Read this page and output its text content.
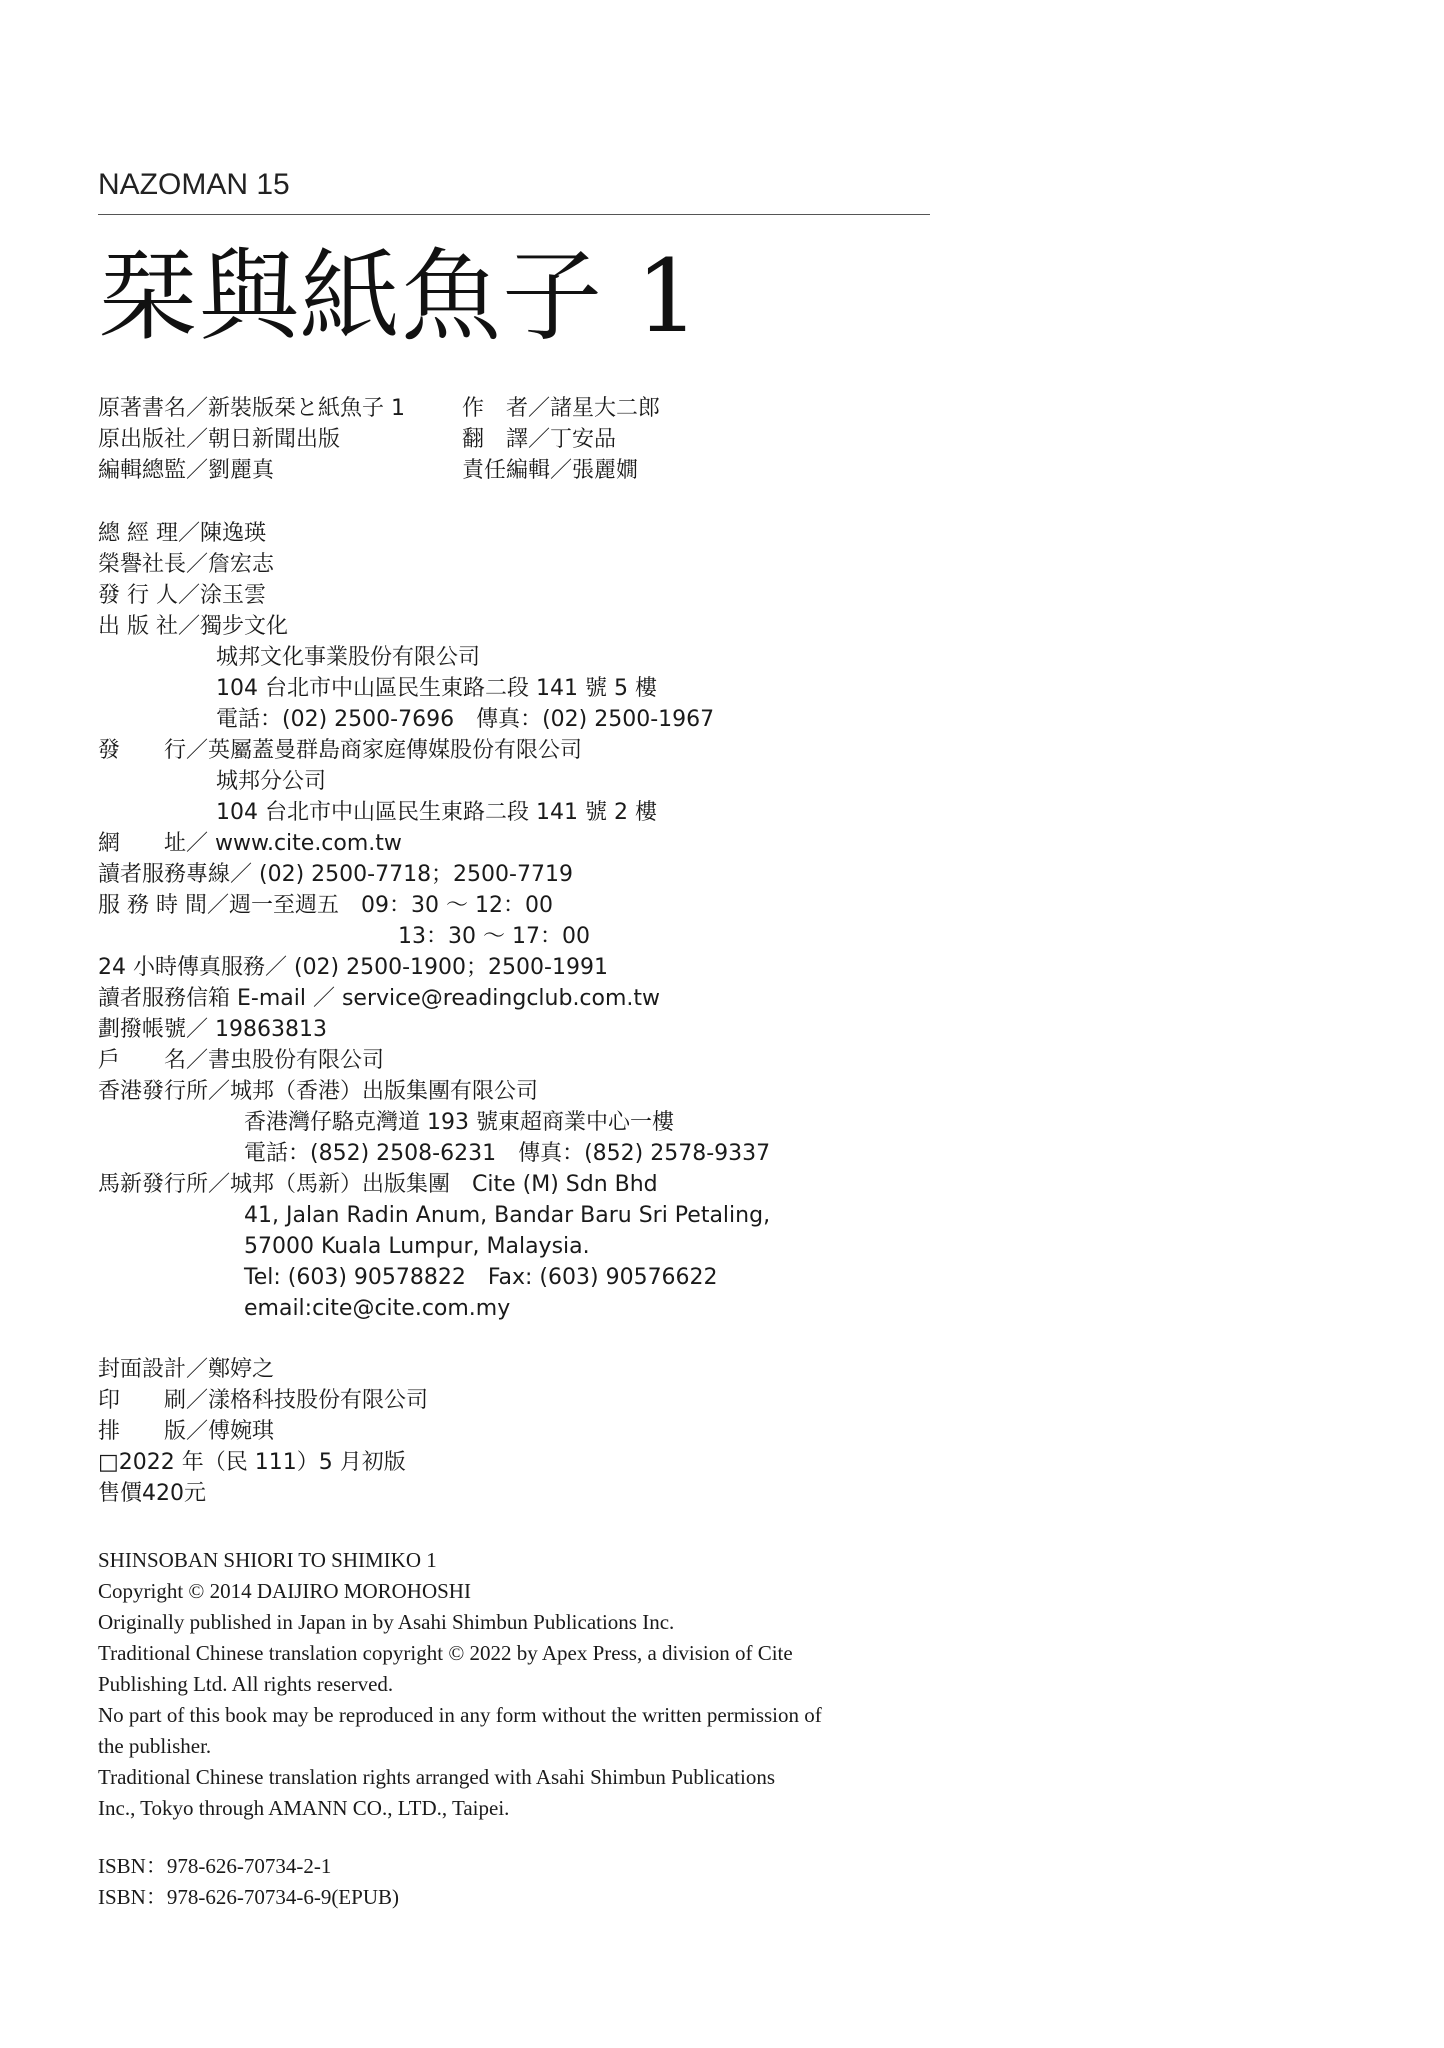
NAZOMAN 15
栞與紙魚子 1
原著書名／新裝版栞と紙魚子 1	作　者／諸星大二郎
原出版社／朝日新聞出版	翻　譯／丁安品
編輯總監／劉麗真	責任編輯／張麗嫺
總 經 理／陳逸瑛
榮譽社長／詹宏志
發 行 人／涂玉雲
出 版 社／獨步文化
城邦文化事業股份有限公司
104 台北市中山區民生東路二段 141 號 5 樓
電話：(02) 2500-7696　傳真：(02) 2500-1967
發　　行／英屬蓋曼群島商家庭傳媒股份有限公司
城邦分公司
104 台北市中山區民生東路二段 141 號 2 樓
網　　址／ www.cite.com.tw
讀者服務專線／ (02) 2500-7718；2500-7719
服 務 時 間／週一至週五　09：30 ～ 12：00
13：30 ～ 17：00
24 小時傳真服務／ (02) 2500-1900；2500-1991
讀者服務信箱 E-mail ／ service@readingclub.com.tw
劃撥帳號／ 19863813
戶　　名／書虫股份有限公司
香港發行所／城邦（香港）出版集團有限公司
香港灣仔駱克灣道 193 號東超商業中心一樓
電話：(852) 2508-6231　傳真：(852) 2578-9337
馬新發行所／城邦（馬新）出版集團　Cite (M) Sdn Bhd
41, Jalan Radin Anum, Bandar Baru Sri Petaling,
57000 Kuala Lumpur, Malaysia.
Tel: (603) 90578822　Fax: (603) 90576622
email:cite@cite.com.my
封面設計／鄭婷之
印　　刷／漾格科技股份有限公司
排　　版／傅婉琪
□2022 年（民 111）5 月初版
售價420元
SHINSOBAN SHIORI TO SHIMIKO 1
Copyright © 2014 DAIJIRO MOROHOSHI
Originally published in Japan in by Asahi Shimbun Publications Inc.
Traditional Chinese translation copyright © 2022 by Apex Press, a division of Cite
Publishing Ltd. All rights reserved.
No part of this book may be reproduced in any form without the written permission of
the publisher.
Traditional Chinese translation rights arranged with Asahi Shimbun Publications
Inc., Tokyo through AMANN CO., LTD., Taipei.
ISBN：978-626-70734-2-1
ISBN：978-626-70734-6-9(EPUB)
